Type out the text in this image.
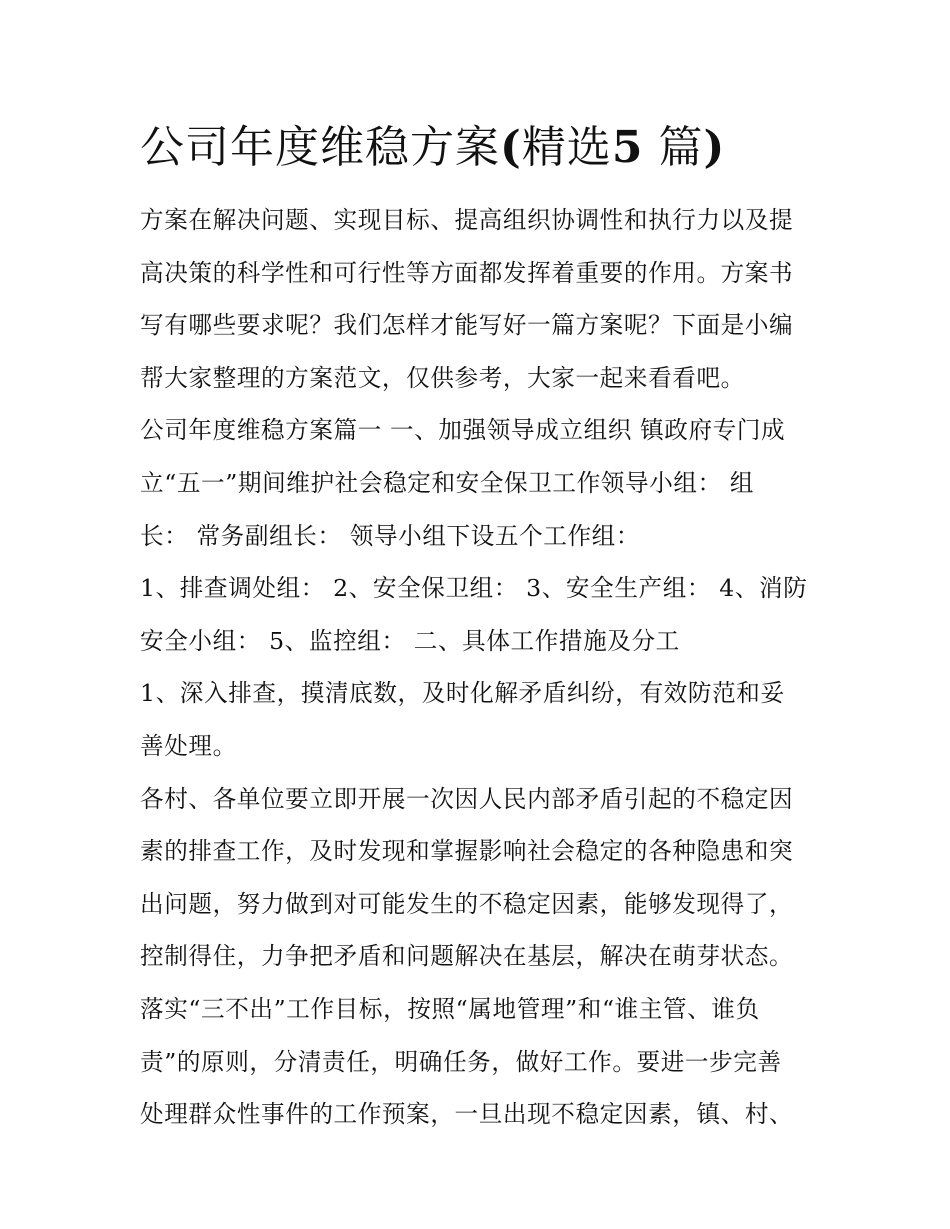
公司年度维稳方案(精选5 篇)
方案在解决问题、实现目标、提高组织协调性和执行力以及提
高决策的科学性和可行性等方面都发挥着重要的作用。方案书
写有哪些要求呢？我们怎样才能写好一篇方案呢？下面是小编
帮大家整理的方案范文，仅供参考，大家一起来看看吧。
公司年度维稳方案篇一 一、加强领导成立组织 镇政府专门成
立“五一”期间维护社会稳定和安全保卫工作领导小组： 组
长： 常务副组长： 领导小组下设五个工作组：
1、排查调处组： 2、安全保卫组： 3、安全生产组： 4、消防
安全小组： 5、监控组： 二、具体工作措施及分工
1、深入排查，摸清底数，及时化解矛盾纠纷，有效防范和妥
善处理。
各村、各单位要立即开展一次因人民内部矛盾引起的不稳定因
素的排查工作，及时发现和掌握影响社会稳定的各种隐患和突
出问题，努力做到对可能发生的不稳定因素，能够发现得了，
控制得住，力争把矛盾和问题解决在基层，解决在萌芽状态。
落实“三不出”工作目标，按照“属地管理”和“谁主管、谁负
责”的原则，分清责任，明确任务，做好工作。要进一步完善
处理群众性事件的工作预案，一旦出现不稳定因素，镇、村、
